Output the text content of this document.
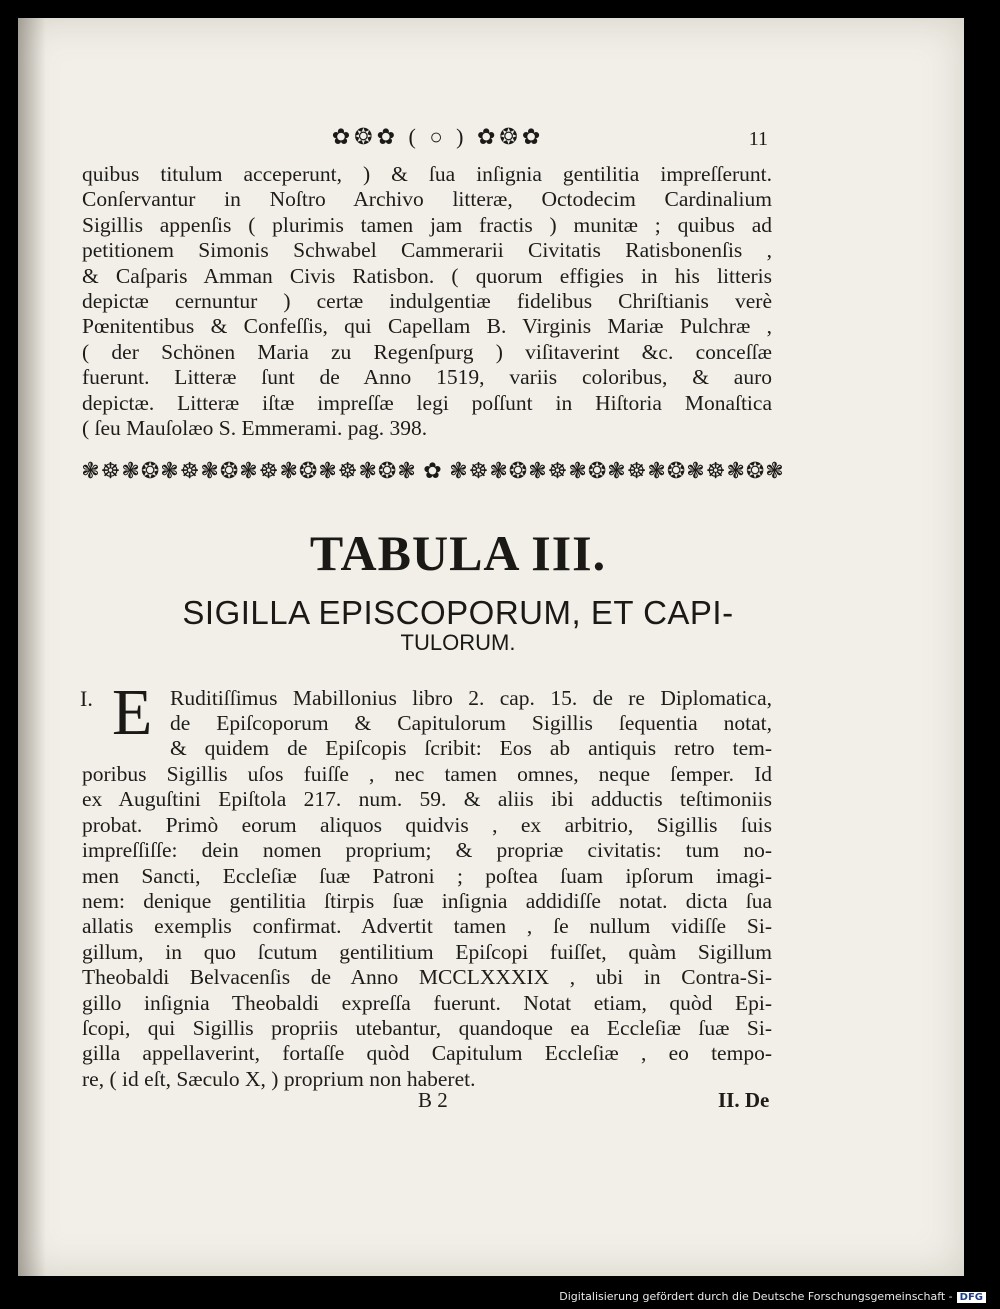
✿❂✿ ( ○ ) ✿❂✿	11
quibus titulum acceperunt, ) & ſua inſignia gentilitia impreſſerunt.
Conſervantur in Noſtro Archivo litteræ, Octodecim Cardinalium
Sigillis appenſis ( plurimis tamen jam fractis ) munitæ ; quibus ad
petitionem Simonis Schwabel Cammerarii Civitatis Ratisbonenſis ,
& Caſparis Amman Civis Ratisbon. ( quorum effigies in his litteris
depictæ cernuntur ) certæ indulgentiæ fidelibus Chriſtianis verè
Pœnitentibus & Confeſſis, qui Capellam B. Virginis Mariæ Pulchræ ,
( der Schönen Maria zu Regenſpurg ) viſitaverint &c. conceſſæ
fuerunt. Litteræ ſunt de Anno 1519, variis coloribus, & auro
depictæ. Litteræ iſtæ impreſſæ legi poſſunt in Hiſtoria Monaſtica
( ſeu Mauſolæo S. Emmerami. pag. 398.
❃☸❃❂❃☸❃❂❃☸❃❂❃☸❃❂❃ ✿ ❃☸❃❂❃☸❃❂❃☸❃❂❃☸❃❂❃
TABULA III.
SIGILLA EPISCOPORUM, ET CAPI-
TULORUM.
I. E Ruditiſſimus Mabillonius libro 2. cap. 15. de re Diplomatica,
de Epiſcoporum & Capitulorum Sigillis ſequentia notat,
& quidem de Epiſcopis ſcribit: Eos ab antiquis retro tem-
poribus Sigillis uſos fuiſſe , nec tamen omnes, neque ſemper. Id
ex Auguſtini Epiſtola 217. num. 59. & aliis ibi adductis teſtimoniis
probat. Primò eorum aliquos quidvis , ex arbitrio, Sigillis ſuis
impreſſiſſe: dein nomen proprium; & propriæ civitatis: tum no-
men Sancti, Eccleſiæ ſuæ Patroni ; poſtea ſuam ipſorum imagi-
nem: denique gentilitia ſtirpis ſuæ inſignia addidiſſe notat. dicta ſua
allatis exemplis confirmat. Advertit tamen , ſe nullum vidiſſe Si-
gillum, in quo ſcutum gentilitium Epiſcopi fuiſſet, quàm Sigillum
Theobaldi Belvacenſis de Anno MCCLXXXIX , ubi in Contra-Si-
gillo inſignia Theobaldi expreſſa fuerunt. Notat etiam, quòd Epi-
ſcopi, qui Sigillis propriis utebantur, quandoque ea Eccleſiæ ſuæ Si-
gilla appellaverint, fortaſſe quòd Capitulum Eccleſiæ , eo tempo-
re, ( id eſt, Sæculo X, ) proprium non haberet.
B 2	II. De
Digitalisierung gefördert durch die Deutsche Forschungsgemeinschaft - DFG
